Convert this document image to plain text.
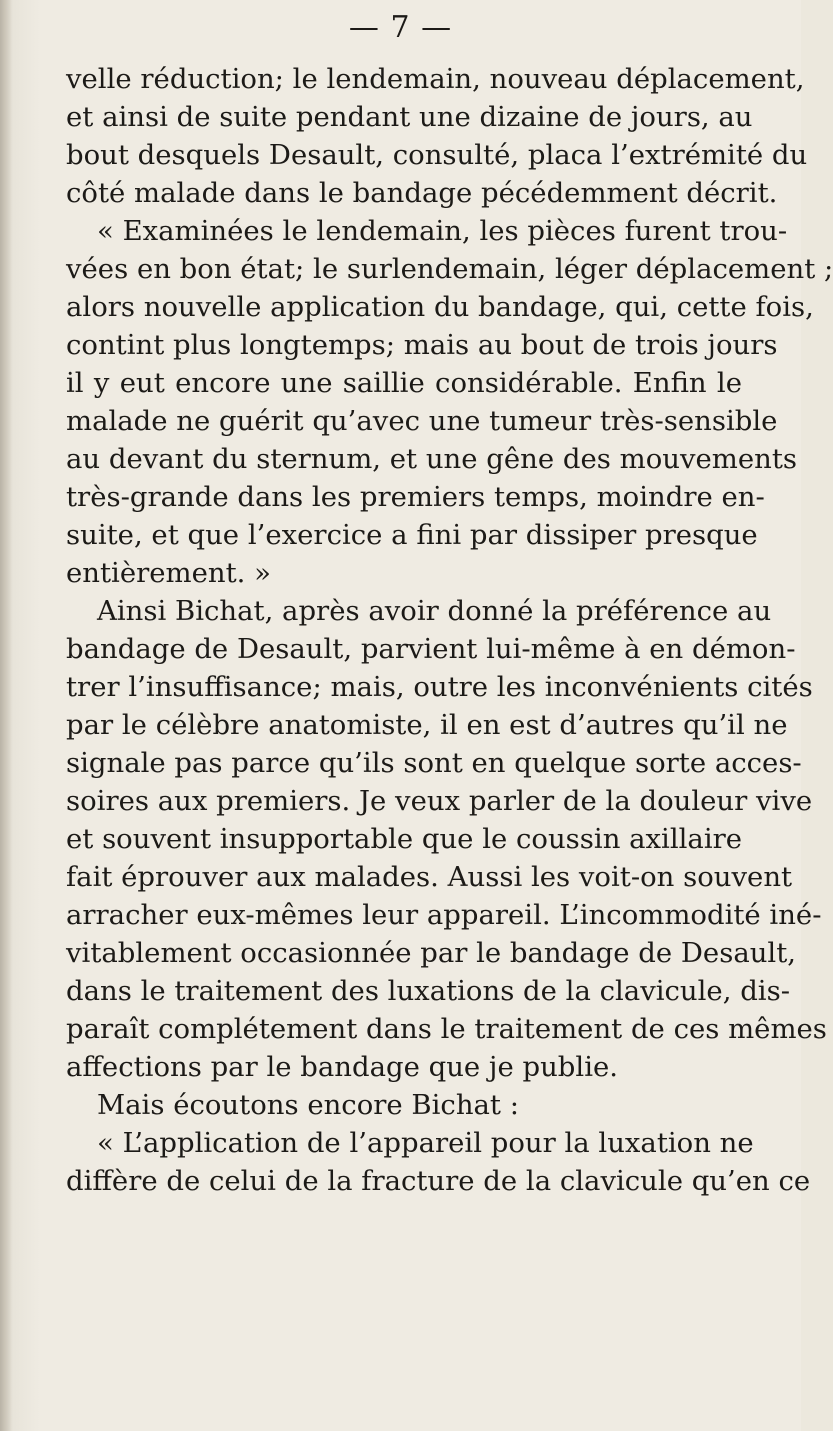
— 7 —
velle réduction; le lendemain, nouveau déplacement,
et ainsi de suite pendant une dizaine de jours, au
bout desquels Desault, consulté, placa l’extrémité du
côté malade dans le bandage pécédemment décrit.
« Examinées le lendemain, les pièces furent trou-
vées en bon état; le surlendemain, léger déplacement ;
alors nouvelle application du bandage, qui, cette fois,
contint plus longtemps; mais au bout de trois jours
il y eut encore une saillie considérable. Enfin le
malade ne guérit qu’avec une tumeur très-sensible
au devant du sternum, et une gêne des mouvements
très-grande dans les premiers temps, moindre en-
suite, et que l’exercice a fini par dissiper presque
entièrement. »
Ainsi Bichat, après avoir donné la préférence au
bandage de Desault, parvient lui-même à en démon-
trer l’insuffisance; mais, outre les inconvénients cités
par le célèbre anatomiste, il en est d’autres qu’il ne
signale pas parce qu’ils sont en quelque sorte acces-
soires aux premiers. Je veux parler de la douleur vive
et souvent insupportable que le coussin axillaire
fait éprouver aux malades. Aussi les voit-on souvent
arracher eux-mêmes leur appareil. L’incommodité iné-
vitablement occasionnée par le bandage de Desault,
dans le traitement des luxations de la clavicule, dis-
paraît complétement dans le traitement de ces mêmes
affections par le bandage que je publie.
Mais écoutons encore Bichat :
« L’application de l’appareil pour la luxation ne
diffère de celui de la fracture de la clavicule qu’en ce
